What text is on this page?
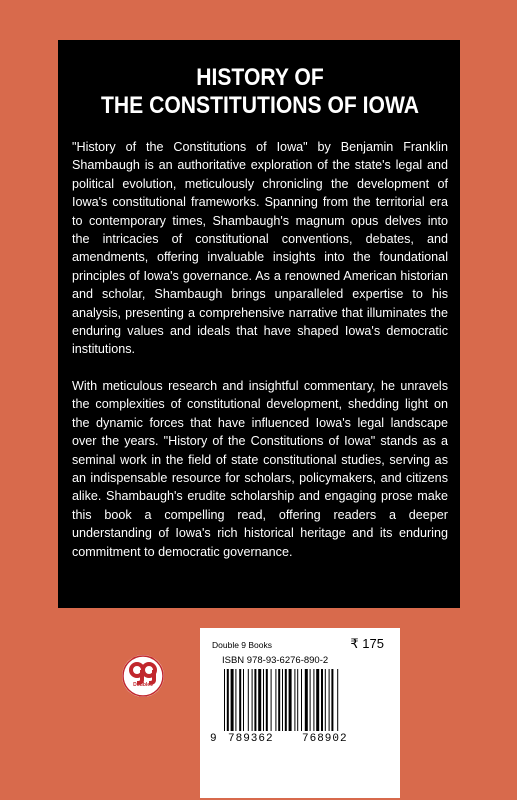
HISTORY OF
THE CONSTITUTIONS OF IOWA

"History of the Constitutions of Iowa" by Benjamin Franklin Shambaugh is an authoritative exploration of the state's legal and political evolution, meticulously chronicling the development of Iowa's constitutional frameworks. Spanning from the territorial era to contemporary times, Shambaugh's magnum opus delves into the intricacies of constitutional conventions, debates, and amendments, offering invaluable insights into the foundational principles of Iowa's governance. As a renowned American historian and scholar, Shambaugh brings unparalleled expertise to his analysis, presenting a comprehensive narrative that illuminates the enduring values and ideals that have shaped Iowa's democratic institutions.

With meticulous research and insightful commentary, he unravels the complexities of constitutional development, shedding light on the dynamic forces that have influenced Iowa's legal landscape over the years. "History of the Constitutions of Iowa" stands as a seminal work in the field of state constitutional studies, serving as an indispensable resource for scholars, policymakers, and citizens alike. Shambaugh's erudite scholarship and engaging prose make this book a compelling read, offering readers a deeper understanding of Iowa's rich historical heritage and its enduring commitment to democratic governance.

Double9
Double 9 Books	₹ 175
ISBN 978-93-6276-890-2
9 789362	768902
